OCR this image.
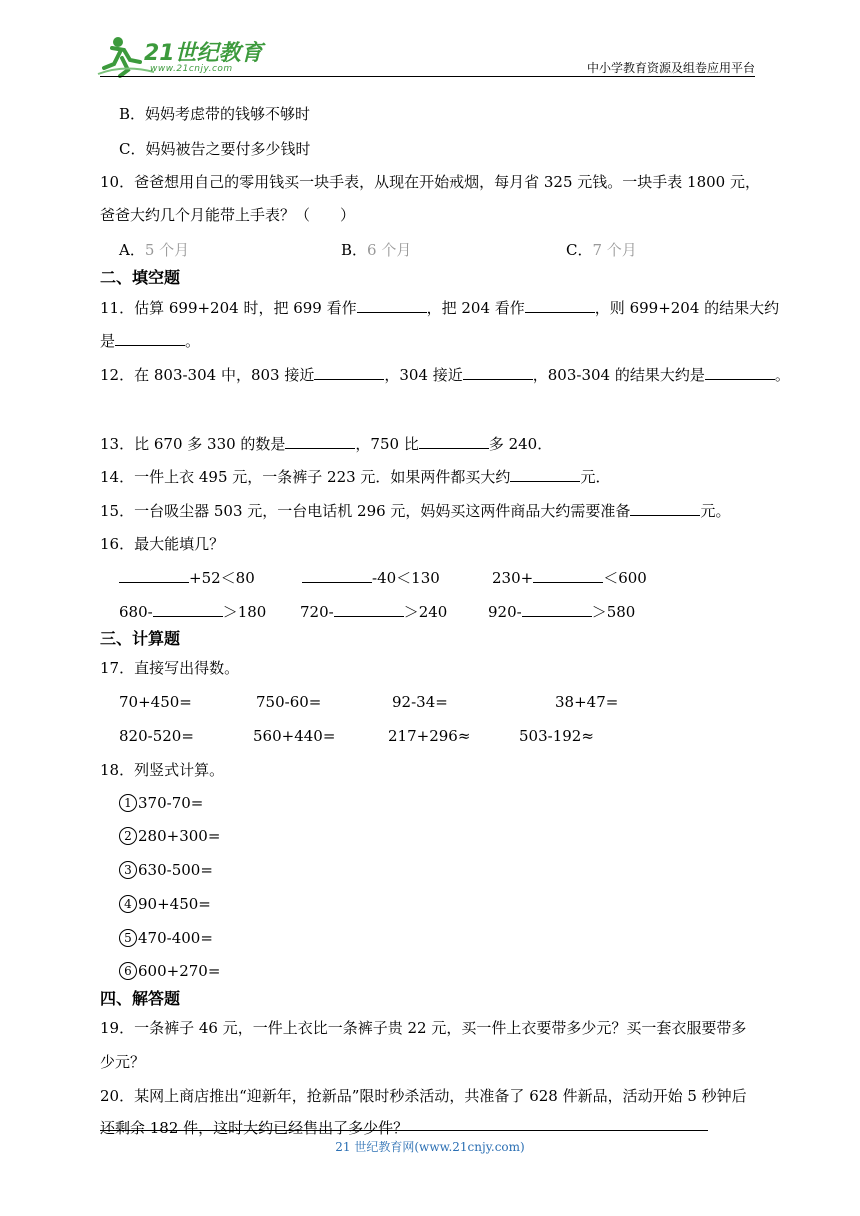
21世纪教育
www.21cnjy.com	中小学教育资源及组卷应用平台
B．妈妈考虑带的钱够不够时
C．妈妈被告之要付多少钱时
10．爸爸想用自己的零用钱买一块手表，从现在开始戒烟，每月省 325 元钱。一块手表 1800 元，
爸爸大约几个月能带上手表？（　　）
A．5 个月	B．6 个月	C．7 个月
二、填空题
11．估算 699+204 时，把 699 看作	，把 204 看作	，则 699+204 的结果大约
是	。
12．在 803-304 中，803 接近	，304 接近	，803-304 的结果大约是	。
13．比 670 多 330 的数是	，750 比	多 240．
14．一件上衣 495 元，一条裤子 223 元．如果两件都买大约	元．
15．一台吸尘器 503 元，一台电话机 296 元，妈妈买这两件商品大约需要准备	元。
16．最大能填几？
+52＜80	-40＜130	230+	＜600
680-	＞180 720-	＞240	920-	＞580
三、计算题
17．直接写出得数。
70+450=	750-60=	92-34=	38+47=
820-520=	560+440=	217+296≈	503-192≈
18．列竖式计算。
1 370-70=
2 280+300=
3 630-500=
4 90+450=
5 470-400=
6 600+270=
四、解答题
19．一条裤子 46 元，一件上衣比一条裤子贵 22 元，买一件上衣要带多少元？买一套衣服要带多
少元？
20．某网上商店推出“迎新年，抢新品”限时秒杀活动，共准备了 628 件新品，活动开始 5 秒钟后
还剩余 182 件，这时大约已经售出了多少件？
21 世纪教育网(www.21cnjy.com)
